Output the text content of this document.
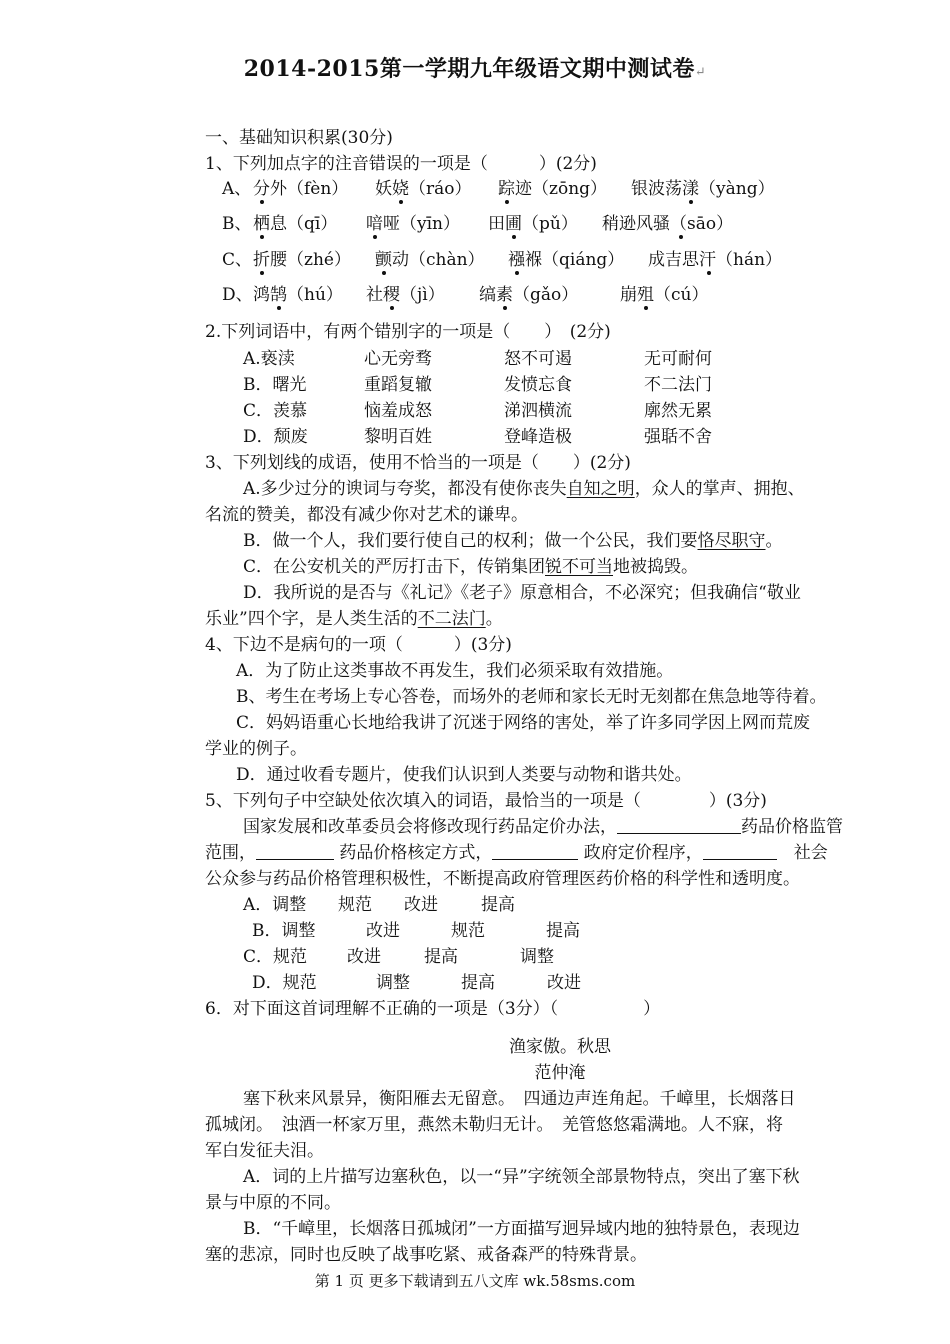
2014-2015第一学期九年级语文期中测试卷↵
一、基础知识积累(30分)
1、下列加点字的注音错误的一项是（　　　）(2分)
A、 分外（fèn） 妖娆（ráo） 踪迹（zōng） 银波荡漾（yàng）
B、 栖息（qī） 喑哑（yīn） 田圃（pǔ） 稍逊风骚（sāo）
C、 折腰（zhé） 颤动（chàn） 襁褓（qiáng） 成吉思汗（hán）
D、 鸿鹄（hú） 社稷（jì） 缟素（gǎo） 崩殂（cú）
2.下列词语中，有两个错别字的一项是（　　）　(2分)
A.亵渎	心无旁骛	怒不可遏	无可耐何
B．曙光	重蹈复辙	发愤忘食	不二法门
C．羡慕	恼羞成怒	涕泗横流	廓然无累
D．颓废	黎明百姓	登峰造极	强聒不舍
3、下列划线的成语，使用不恰当的一项是（　　）(2分)
A.多少过分的谀词与夸奖，都没有使你丧失自知之明，众人的掌声、拥抱、
名流的赞美，都没有减少你对艺术的谦卑。
B．做一个人，我们要行使自己的权利；做一个公民，我们要恪尽职守。
C．在公安机关的严厉打击下，传销集团锐不可当地被捣毁。
D．我所说的是否与《礼记》《老子》原意相合，不必深究；但我确信“敬业
乐业”四个字，是人类生活的不二法门。
4、下边不是病句的一项（　　　）(3分)
A．为了防止这类事故不再发生，我们必须采取有效措施。
B、考生在考场上专心答卷，而场外的老师和家长无时无刻都在焦急地等待着。
C．妈妈语重心长地给我讲了沉迷于网络的害处，举了许多同学因上网而荒废
学业的例子。
D．通过收看专题片，使我们认识到人类要与动物和谐共处。
5、下列句子中空缺处依次填入的词语，最恰当的一项是（　　　　）(3分)
国家发展和改革委员会将修改现行药品定价办法，	药品价格监管
范围，	药品价格核定方式，	政府定价程序，	　社会
公众参与药品价格管理积极性，不断提高政府管理医药价格的科学性和透明度。
A．调整 规范 改进	提高
B．调整	改进	规范	提高
C．规范 改进	提高	调整
D．规范	调整	提高	改进
6．对下面这首词理解不正确的一项是（3分）（　　　　　）
渔家傲。秋思
范仲淹
塞下秋来风景异，衡阳雁去无留意。　四通边声连角起。千嶂里，长烟落日
孤城闭。　浊酒一杯家万里，燕然未勒归无计。　羌管悠悠霜满地。人不寐，将
军白发征夫泪。
A．词的上片描写边塞秋色，以一“异”字统领全部景物特点，突出了塞下秋
景与中原的不同。
B．“千嶂里，长烟落日孤城闭”一方面描写迥异域内地的独特景色，表现边
塞的悲凉，同时也反映了战事吃紧、戒备森严的特殊背景。
第 1 页 更多下载请到五八文库 wk.58sms.com
